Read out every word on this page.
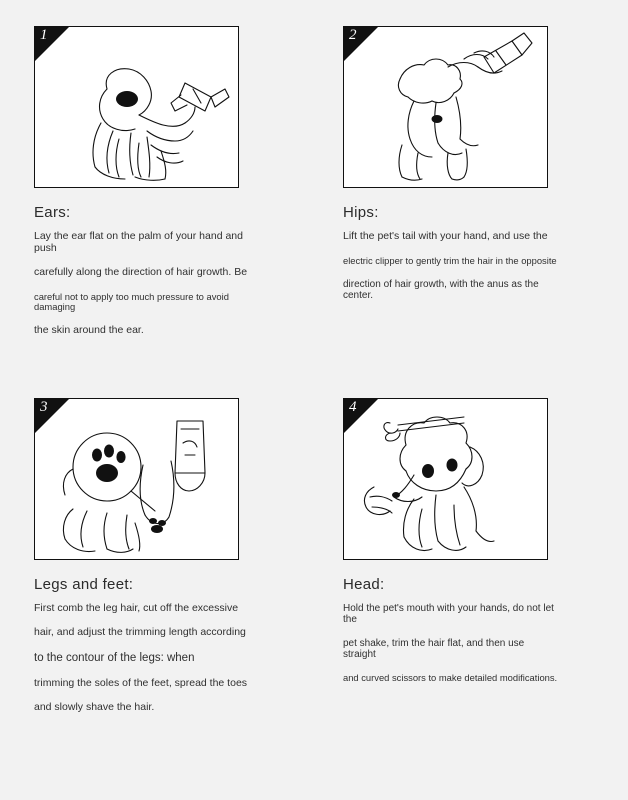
1
Ears:

Lay the ear flat on the palm of your hand and push

carefully along the direction of hair growth. Be

careful not to apply too much pressure to avoid damaging

the skin around the ear.

2
Hips:

Lift the pet's tail with your hand, and use the

electric clipper to gently trim the hair in the opposite

direction of hair growth, with the anus as the center.

3
Legs and feet:

First comb the leg hair, cut off the excessive

hair, and adjust the trimming length according

to the contour of the legs: when

trimming the soles of the feet, spread the toes

and slowly shave the hair.

4
Head:

Hold the pet's mouth with your hands, do not let the

pet shake, trim the hair flat, and then use straight

and curved scissors to make detailed modifications.
